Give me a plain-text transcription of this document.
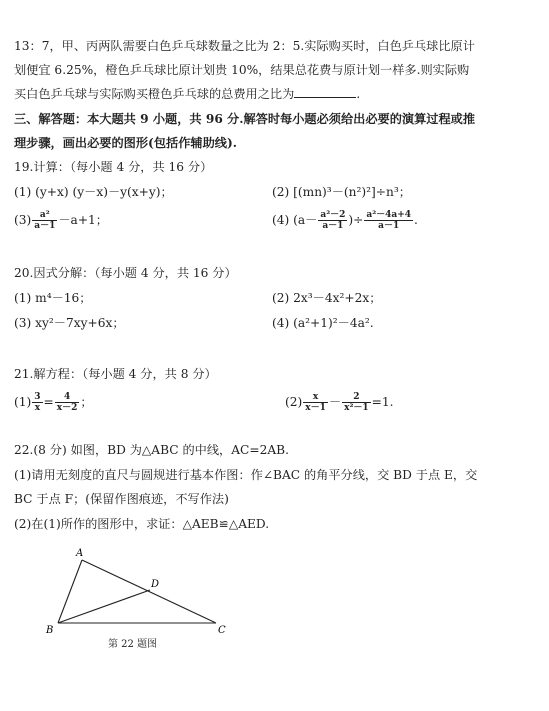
13：7，甲、丙两队需要白色乒乓球数量之比为 2：5.实际购买时，白色乒乓球比原计
划便宜 6.25%，橙色乒乓球比原计划贵 10%，结果总花费与原计划一样多.则实际购
买白色乒乓球与实际购买橙色乒乓球的总费用之比为	.
三、解答题：本大题共 9 小题，共 96 分.解答时每小题必须给出必要的演算过程或推
理步骤，画出必要的图形(包括作辅助线).
19.计算：（每小题 4 分，共 16 分）
(1) (y+x) (y－x)－y(x+y)；	(2) [(mn)³－(n²)²]÷n³；
$(3) \frac{\text{a²}}{a-1} -a+1$；	(4) ($a- \frac{\text{a²－2}}{a-1}$ )÷ $\frac{\text{a²－4a+4}}{a-1}$ .
20.因式分解：（每小题 4 分，共 16 分）
(1) m⁴－16；	(2) 2x³－4x²+2x；
(3) xy²－7xy+6x；	(4) (a²+1)²－4a².
21.解方程：（每小题 4 分，共 8 分）
$(1) \frac{3}{x} = \frac{4}{x-2}$ ；	$(2) \frac{x}{x-1} - \frac{2}{\text{x²－1}} =1$.
22.(8 分) 如图，BD 为△ABC 的中线，AC=2AB.
(1)请用无刻度的直尺与圆规进行基本作图：作∠BAC 的角平分线，交 BD 于点 E，交
BC 于点 F；(保留作图痕迹，不写作法)
(2)在(1)所作的图形中，求证：△AEB≌△AED.
A
B	C
D
第 22 题图
